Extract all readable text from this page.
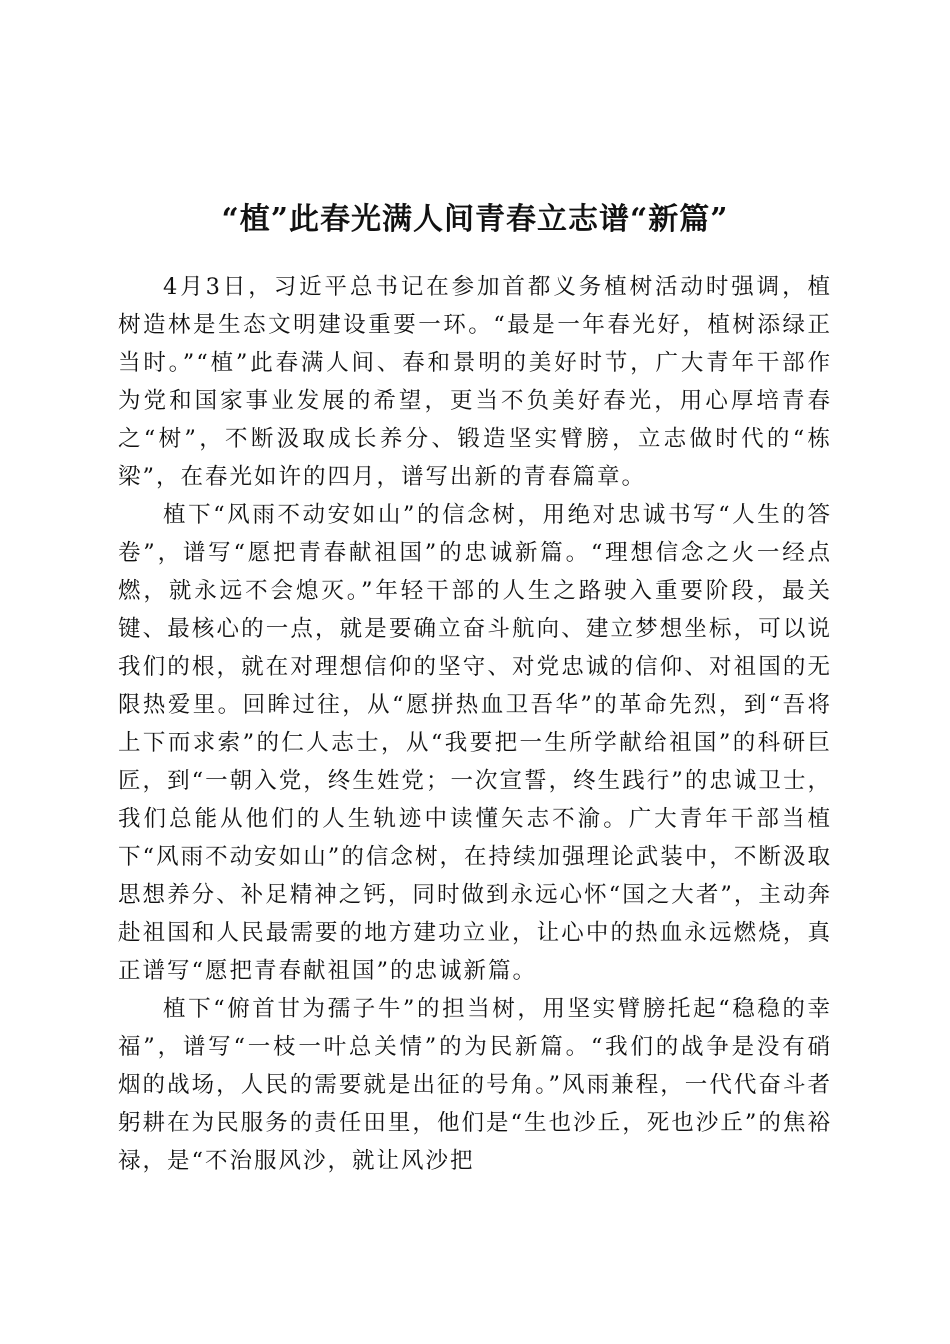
“植”此春光满人间青春立志谱“新篇”

4月3日，习近平总书记在参加首都义务植树活动时强调，植树造林是生态文明建设重要一环。“最是一年春光好，植树添绿正当时。”“植”此春满人间、春和景明的美好时节，广大青年干部作为党和国家事业发展的希望，更当不负美好春光，用心厚培青春之“树”，不断汲取成长养分、锻造坚实臂膀，立志做时代的“栋梁”，在春光如许的四月，谱写出新的青春篇章。

植下“风雨不动安如山”的信念树，用绝对忠诚书写“人生的答卷”，谱写“愿把青春献祖国”的忠诚新篇。“理想信念之火一经点燃，就永远不会熄灭。”年轻干部的人生之路驶入重要阶段，最关键、最核心的一点，就是要确立奋斗航向、建立梦想坐标，可以说我们的根，就在对理想信仰的坚守、对党忠诚的信仰、对祖国的无限热爱里。回眸过往，从“愿拼热血卫吾华”的革命先烈，到“吾将上下而求索”的仁人志士，从“我要把一生所学献给祖国”的科研巨匠，到“一朝入党，终生姓党；一次宣誓，终生践行”的忠诚卫士，我们总能从他们的人生轨迹中读懂矢志不渝。广大青年干部当植下“风雨不动安如山”的信念树，在持续加强理论武装中，不断汲取思想养分、补足精神之钙，同时做到永远心怀“国之大者”，主动奔赴祖国和人民最需要的地方建功立业，让心中的热血永远燃烧，真正谱写“愿把青春献祖国”的忠诚新篇。

植下“俯首甘为孺子牛”的担当树，用坚实臂膀托起“稳稳的幸福”，谱写“一枝一叶总关情”的为民新篇。“我们的战争是没有硝烟的战场，人民的需要就是出征的号角。”风雨兼程，一代代奋斗者躬耕在为民服务的责任田里，他们是“生也沙丘，死也沙丘”的焦裕禄，是“不治服风沙，就让风沙把
